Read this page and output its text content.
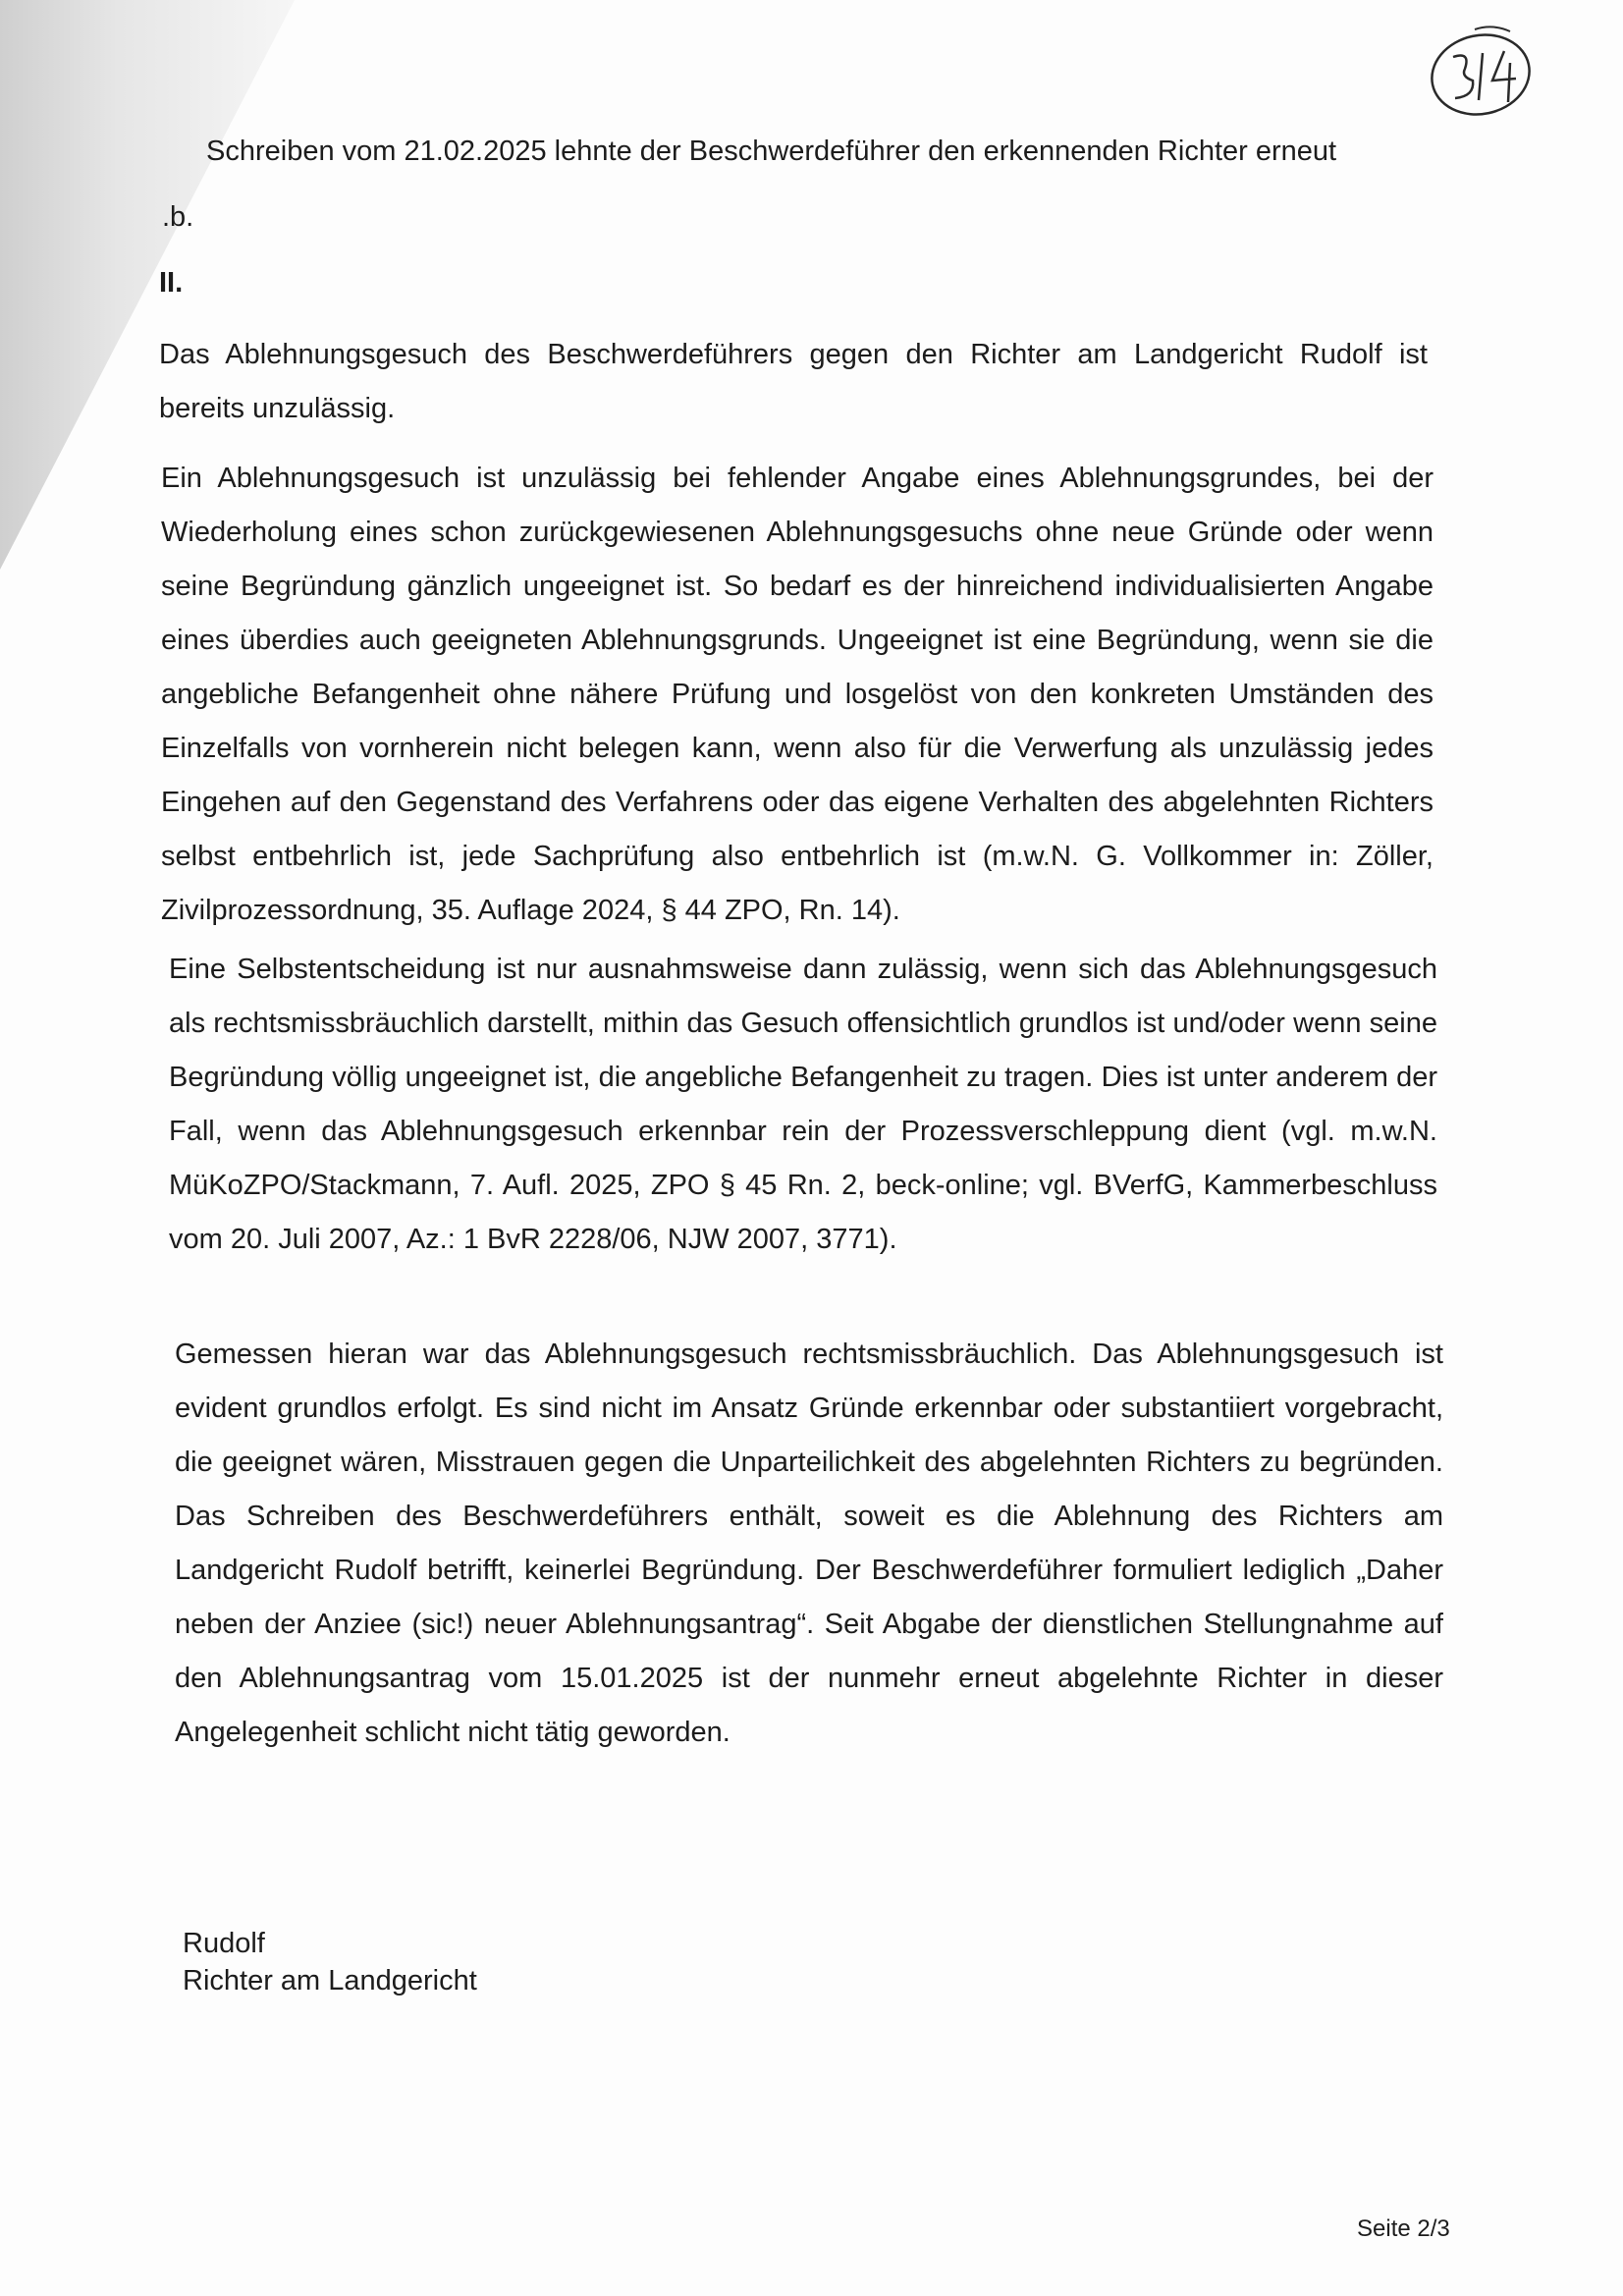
3/4
Schreiben vom 21.02.2025 lehnte der Beschwerdeführer den erkennenden Richter erneut
.b.
II.

Das Ablehnungsgesuch des Beschwerdeführers gegen den Richter am Landgericht Rudolf ist bereits unzulässig.

Ein Ablehnungsgesuch ist unzulässig bei fehlender Angabe eines Ablehnungsgrundes, bei der Wiederholung eines schon zurückgewiesenen Ablehnungsgesuchs ohne neue Gründe oder wenn seine Begründung gänzlich ungeeignet ist. So bedarf es der hinreichend individualisierten Angabe eines überdies auch geeigneten Ablehnungsgrunds. Ungeeignet ist eine Begründung, wenn sie die angebliche Befangenheit ohne nähere Prüfung und losgelöst von den konkreten Umständen des Einzelfalls von vornherein nicht belegen kann, wenn also für die Verwerfung als unzulässig jedes Eingehen auf den Gegenstand des Verfahrens oder das eigene Verhalten des abgelehnten Richters selbst entbehrlich ist, jede Sachprüfung also entbehrlich ist (m.w.N. G. Vollkommer in: Zöller, Zivilprozessordnung, 35. Auflage 2024, § 44 ZPO, Rn. 14).

Eine Selbstentscheidung ist nur ausnahmsweise dann zulässig, wenn sich das Ablehnungsgesuch als rechtsmissbräuchlich darstellt, mithin das Gesuch offensichtlich grundlos ist und/oder wenn seine Begründung völlig ungeeignet ist, die angebliche Befangenheit zu tragen. Dies ist unter anderem der Fall, wenn das Ablehnungsgesuch erkennbar rein der Prozessverschleppung dient (vgl. m.w.N. MüKoZPO/Stackmann, 7. Aufl. 2025, ZPO § 45 Rn. 2, beck-online; vgl. BVerfG, Kammerbeschluss vom 20. Juli 2007, Az.: 1 BvR 2228/06, NJW 2007, 3771).

Gemessen hieran war das Ablehnungsgesuch rechtsmissbräuchlich. Das Ablehnungsgesuch ist evident grundlos erfolgt. Es sind nicht im Ansatz Gründe erkennbar oder substantiiert vorgebracht, die geeignet wären, Misstrauen gegen die Unparteilichkeit des abgelehnten Richters zu begründen. Das Schreiben des Beschwerdeführers enthält, soweit es die Ablehnung des Richters am Landgericht Rudolf betrifft, keinerlei Begründung. Der Beschwerdeführer formuliert lediglich „Daher neben der Anziee (sic!) neuer Ablehnungsantrag“. Seit Abgabe der dienstlichen Stellungnahme auf den Ablehnungsantrag vom 15.01.2025 ist der nunmehr erneut abgelehnte Richter in dieser Angelegenheit schlicht nicht tätig geworden.

Rudolf
Richter am Landgericht
Seite 2/3
